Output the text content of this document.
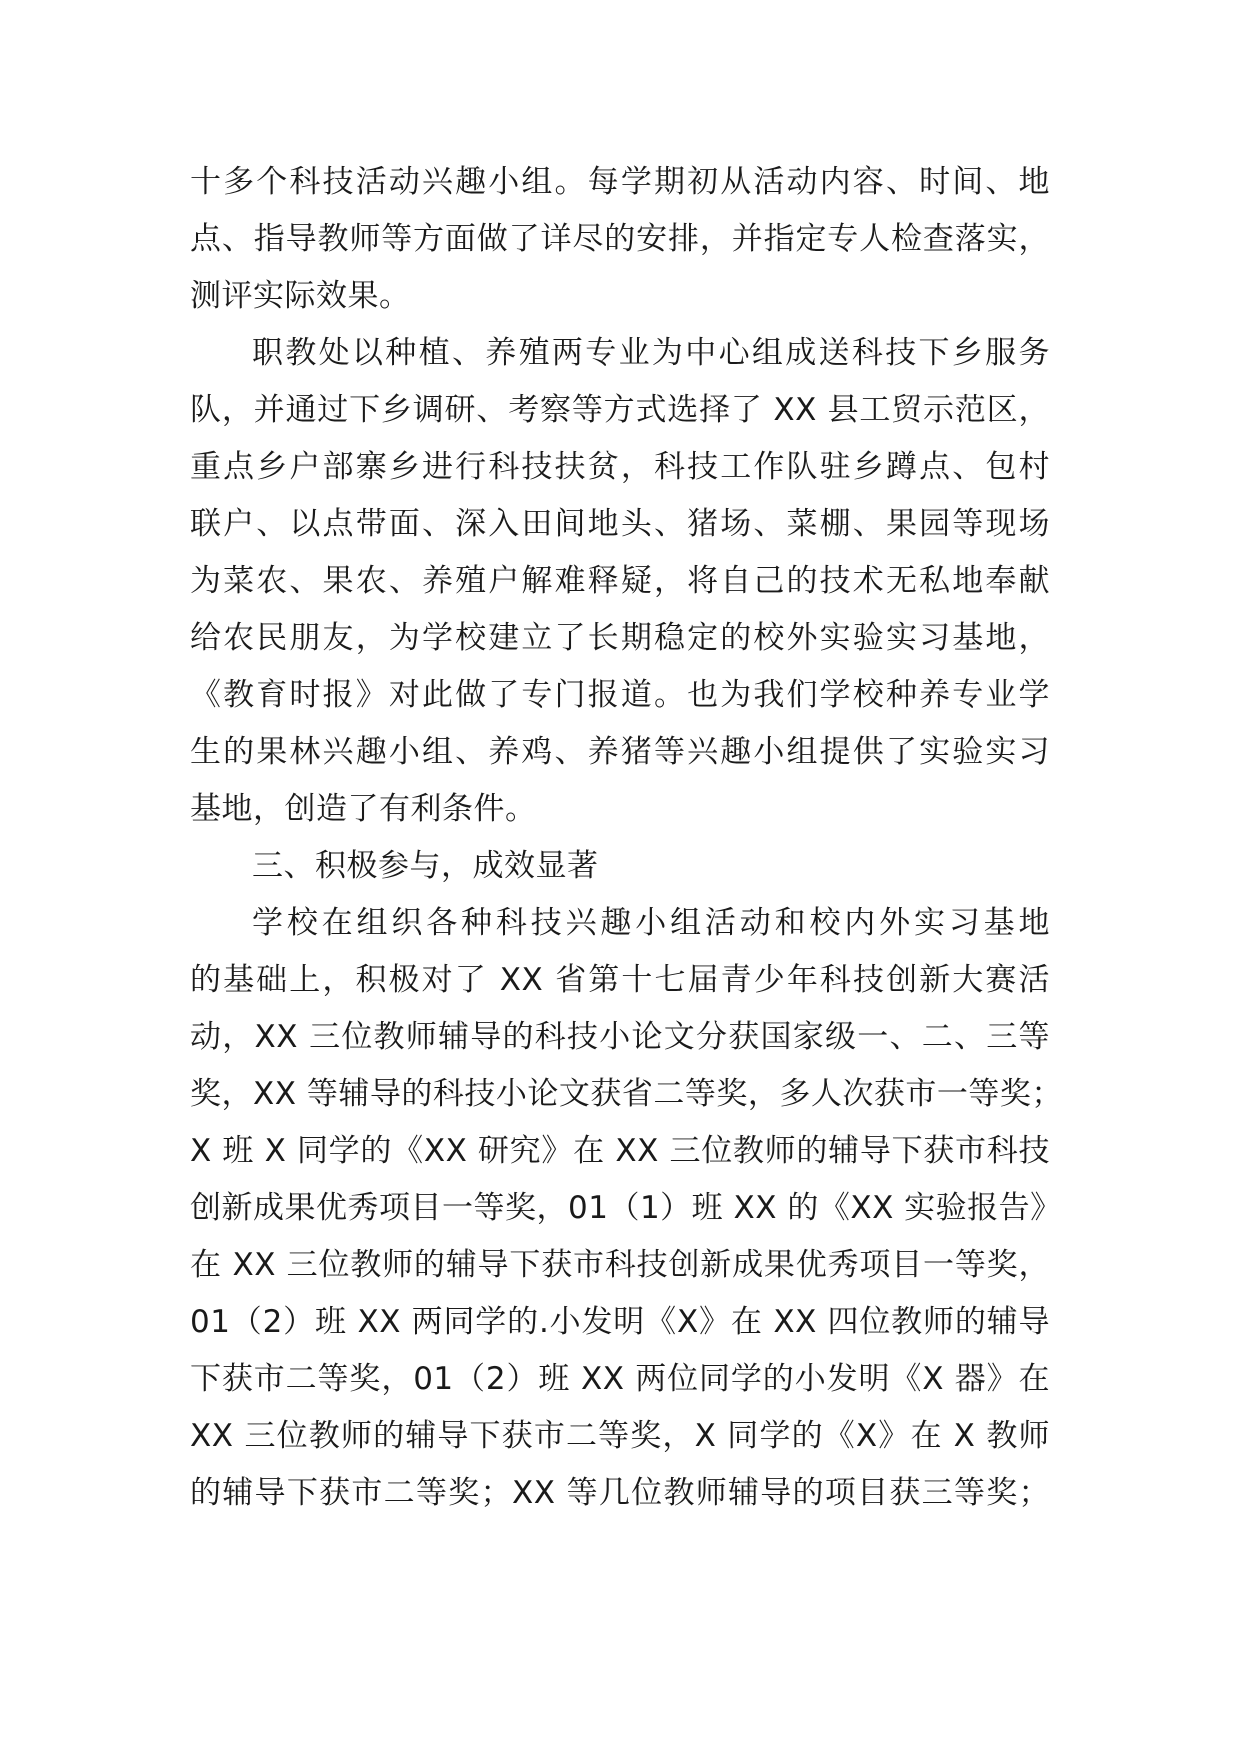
十多个科技活动兴趣小组。每学期初从活动内容、时间、地
点、指导教师等方面做了详尽的安排，并指定专人检查落实，
测评实际效果。
职教处以种植、养殖两专业为中心组成送科技下乡服务
队，并通过下乡调研、考察等方式选择了 XX 县工贸示范区，
重点乡户部寨乡进行科技扶贫，科技工作队驻乡蹲点、包村
联户、以点带面、深入田间地头、猪场、菜棚、果园等现场
为菜农、果农、养殖户解难释疑，将自己的技术无私地奉献
给农民朋友，为学校建立了长期稳定的校外实验实习基地，
《教育时报》对此做了专门报道。也为我们学校种养专业学
生的果林兴趣小组、养鸡、养猪等兴趣小组提供了实验实习
基地，创造了有利条件。
三、积极参与，成效显著
学校在组织各种科技兴趣小组活动和校内外实习基地
的基础上，积极对了 XX 省第十七届青少年科技创新大赛活
动，XX 三位教师辅导的科技小论文分获国家级一、二、三等
奖，XX 等辅导的科技小论文获省二等奖，多人次获市一等奖；
X 班 X 同学的《XX 研究》在 XX 三位教师的辅导下获市科技
创新成果优秀项目一等奖，01（1）班 XX 的《XX 实验报告》
在 XX 三位教师的辅导下获市科技创新成果优秀项目一等奖，
01（2）班 XX 两同学的.小发明《X》在 XX 四位教师的辅导
下获市二等奖，01（2）班 XX 两位同学的小发明《X 器》在
XX 三位教师的辅导下获市二等奖，X 同学的《X》在 X 教师
的辅导下获市二等奖；XX 等几位教师辅导的项目获三等奖；
